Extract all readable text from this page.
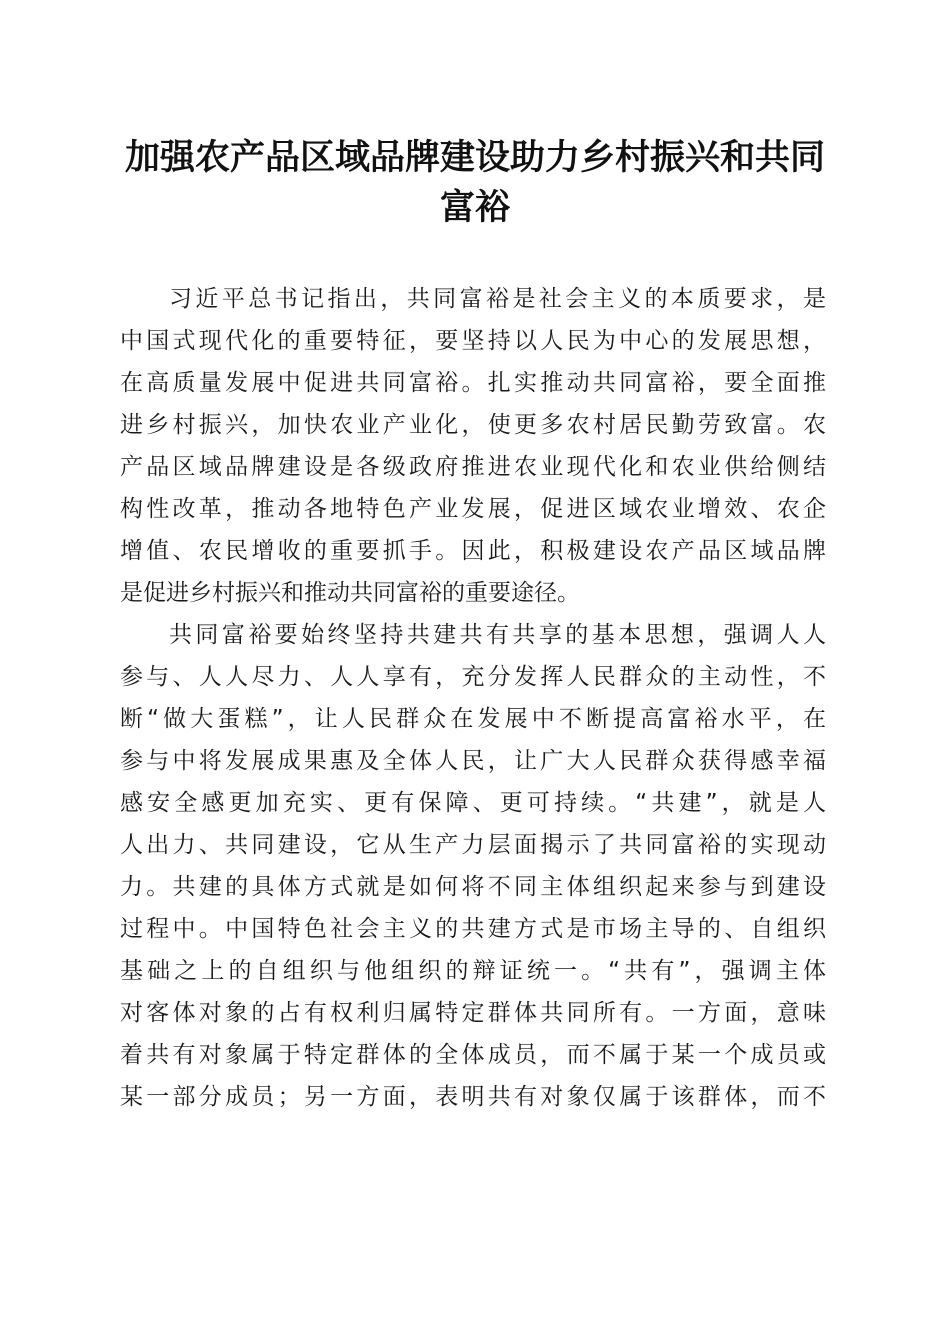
加强农产品区域品牌建设助力乡村振兴和共同
富裕
习近平总书记指出，共同富裕是社会主义的本质要求，是
中国式现代化的重要特征，要坚持以人民为中心的发展思想，
在高质量发展中促进共同富裕。扎实推动共同富裕，要全面推
进乡村振兴，加快农业产业化，使更多农村居民勤劳致富。农
产品区域品牌建设是各级政府推进农业现代化和农业供给侧结
构性改革，推动各地特色产业发展，促进区域农业增效、农企
增值、农民增收的重要抓手。因此，积极建设农产品区域品牌
是促进乡村振兴和推动共同富裕的重要途径。
共同富裕要始终坚持共建共有共享的基本思想，强调人人
参与、人人尽力、人人享有，充分发挥人民群众的主动性，不
断“做大蛋糕”，让人民群众在发展中不断提高富裕水平，在
参与中将发展成果惠及全体人民，让广大人民群众获得感幸福
感安全感更加充实、更有保障、更可持续。“共建”，就是人
人出力、共同建设，它从生产力层面揭示了共同富裕的实现动
力。共建的具体方式就是如何将不同主体组织起来参与到建设
过程中。中国特色社会主义的共建方式是市场主导的、自组织
基础之上的自组织与他组织的辩证统一。“共有”，强调主体
对客体对象的占有权利归属特定群体共同所有。一方面，意味
着共有对象属于特定群体的全体成员，而不属于某一个成员或
某一部分成员；另一方面，表明共有对象仅属于该群体，而不
